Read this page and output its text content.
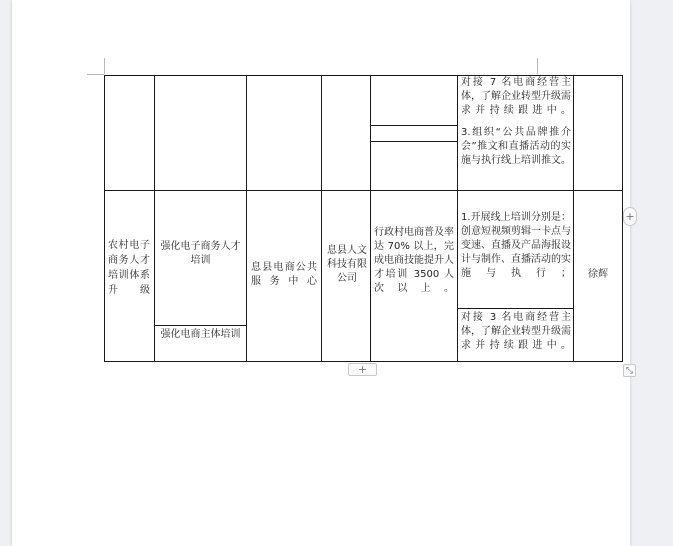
对接 7 名电商经营主体，了解企业转型升级需求并持续跟进中。
3.组织“公共品牌推介会”推文和直播活动的实施与执行线上培训推文。
农村电子商务人才培训体系升级
强化电子商务人才培训
强化电商主体培训
息县电商公共服务中心
息县人文科技有限公司
行政村电商普及率达 70% 以上，完成电商技能提升人才培训 3500 人次以上。
1.开展线上培训分别是：创意短视频剪辑一卡点与变速、直播及产品海报设计与制作、直播活动的实施与执行；
对接 3 名电商经营主体，了解企业转型升级需求并持续跟进中。
徐辉
+
+	⤡
